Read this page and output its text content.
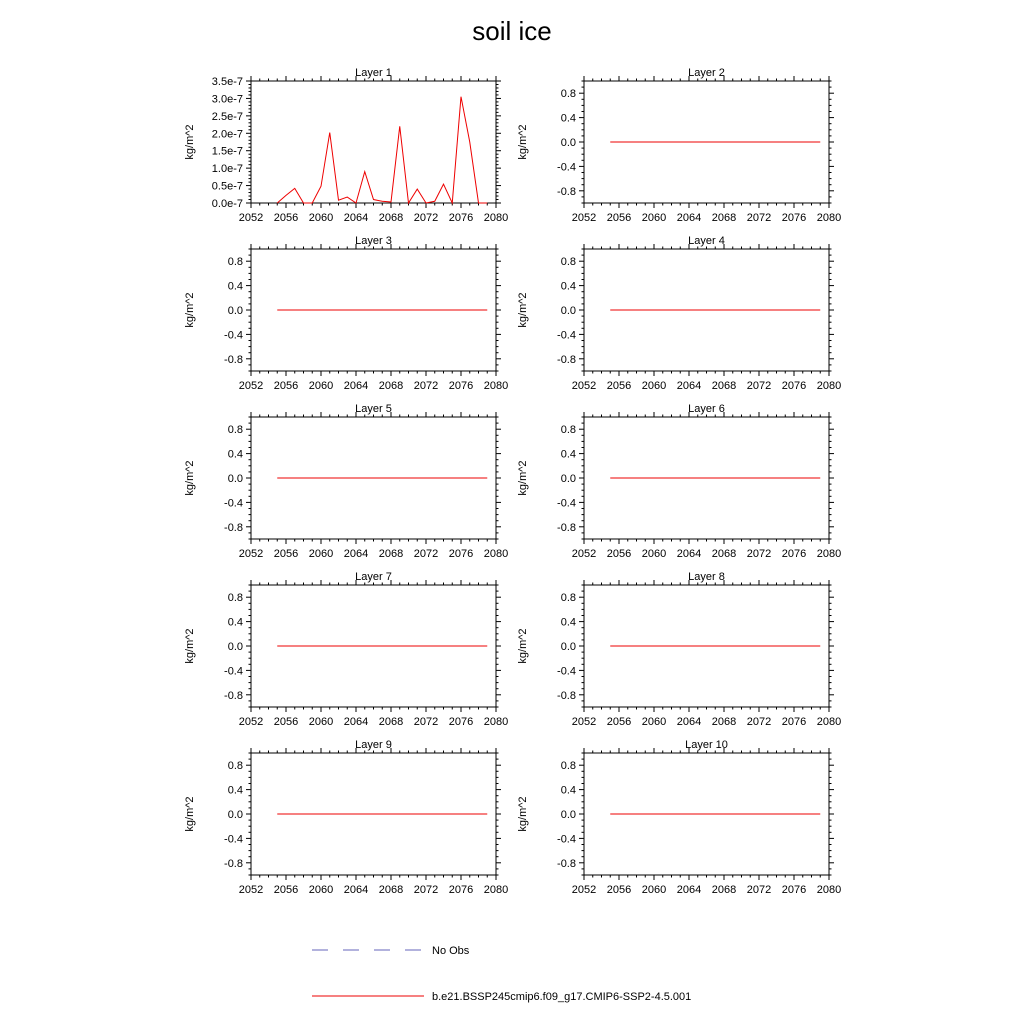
soil ice
Layer 1
kg/m^2
2052 2056 2060 2064 2068 2072 2076 2080
0.0e-7
0.5e-7
1.0e-7
1.5e-7
2.0e-7
2.5e-7
3.0e-7
3.5e-7
Layer 2
kg/m^2
2052 2056 2060 2064 2068 2072 2076 2080
-0.8
-0.4
0.0
0.4
0.8
Layer 3
kg/m^2
2052 2056 2060 2064 2068 2072 2076 2080
-0.8
-0.4
0.0
0.4
0.8
Layer 4
kg/m^2
2052 2056 2060 2064 2068 2072 2076 2080
-0.8
-0.4
0.0
0.4
0.8
Layer 5
kg/m^2
2052 2056 2060 2064 2068 2072 2076 2080
-0.8
-0.4
0.0
0.4
0.8
Layer 6
kg/m^2
2052 2056 2060 2064 2068 2072 2076 2080
-0.8
-0.4
0.0
0.4
0.8
Layer 7
kg/m^2
2052 2056 2060 2064 2068 2072 2076 2080
-0.8
-0.4
0.0
0.4
0.8
Layer 8
kg/m^2
2052 2056 2060 2064 2068 2072 2076 2080
-0.8
-0.4
0.0
0.4
0.8
Layer 9
kg/m^2
2052 2056 2060 2064 2068 2072 2076 2080
-0.8
-0.4
0.0
0.4
0.8
Layer 10
kg/m^2
2052 2056 2060 2064 2068 2072 2076 2080
-0.8
-0.4
0.0
0.4
0.8
No Obs
b.e21.BSSP245cmip6.f09_g17.CMIP6-SSP2-4.5.001
